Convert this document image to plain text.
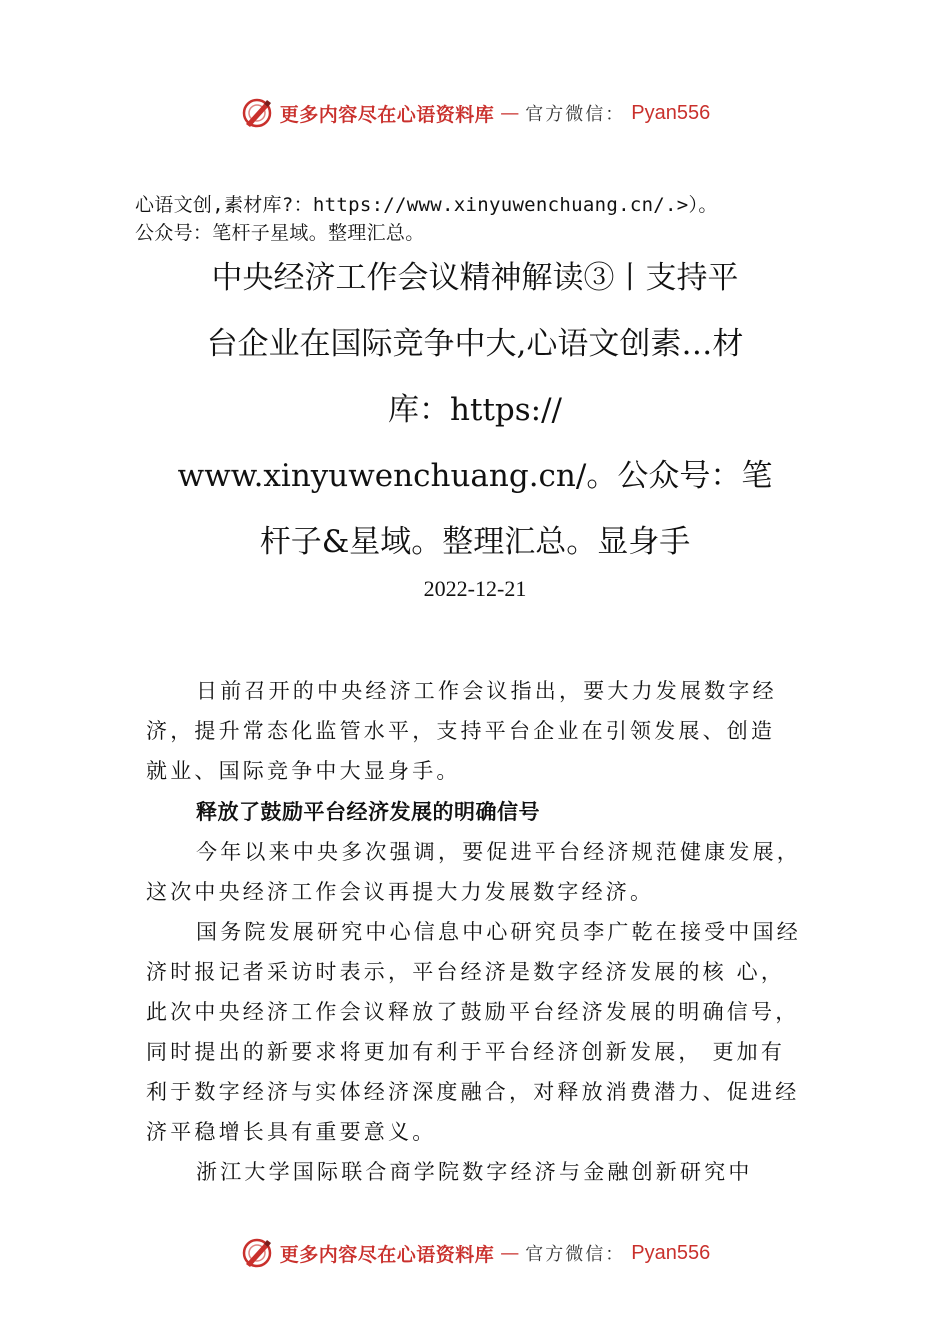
更多内容尽在心语资料库 — 官方微信： Pyan556
心语文创,素材库?：https://www.xinyuwenchuang.cn/.>）。
公众号：笔杆子星域。整理汇总。
中央经济工作会议精神解读③丨支持平
台企业在国际竞争中大,心语文创素…材
库：https://
www.xinyuwenchuang.cn/。公众号：笔
杆子&星域。整理汇总。显身手
2022-12-21

日前召开的中央经济工作会议指出，要大力发展数字经
济，提升常态化监管水平，支持平台企业在引领发展、创造
就业、国际竞争中大显身手。

释放了鼓励平台经济发展的明确信号

今年以来中央多次强调，要促进平台经济规范健康发展，
这次中央经济工作会议再提大力发展数字经济。

国务院发展研究中心信息中心研究员李广乾在接受中国经
济时报记者采访时表示，平台经济是数字经济发展的核 心，
此次中央经济工作会议释放了鼓励平台经济发展的明确信号，
同时提出的新要求将更加有利于平台经济创新发展， 更加有
利于数字经济与实体经济深度融合，对释放消费潜力、促进经
济平稳增长具有重要意义。

浙江大学国际联合商学院数字经济与金融创新研究中

更多内容尽在心语资料库 — 官方微信： Pyan556
